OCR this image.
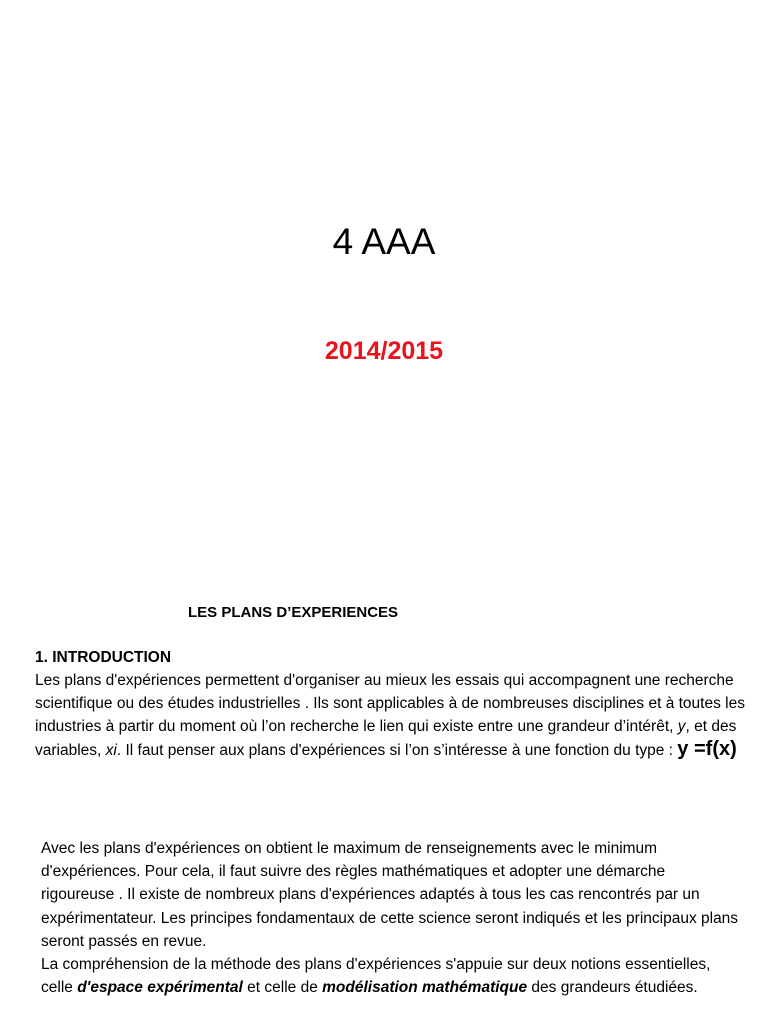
4 AAA
2014/2015
LES PLANS D’EXPERIENCES
1. INTRODUCTION

Les plans d'expériences permettent d'organiser au mieux les essais qui accompagnent une recherche scientifique ou des études industrielles . Ils sont applicables à de nombreuses disciplines et à toutes les industries à partir du moment où l’on recherche le lien qui existe entre une grandeur d’intérêt, y, et des variables, xi. Il faut penser aux plans d'expériences si l’on s’intéresse à une fonction du type : y =f(x)

Avec les plans d'expériences on obtient le maximum de renseignements avec le minimum d'expériences. Pour cela, il faut suivre des règles mathématiques et adopter une démarche rigoureuse . Il existe de nombreux plans d'expériences adaptés à tous les cas rencontrés par un expérimentateur. Les principes fondamentaux de cette science seront indiqués et les principaux plans seront passés en revue.

La compréhension de la méthode des plans d'expériences s'appuie sur deux notions essentielles, celle d'espace expérimental et celle de modélisation mathématique des grandeurs étudiées.
